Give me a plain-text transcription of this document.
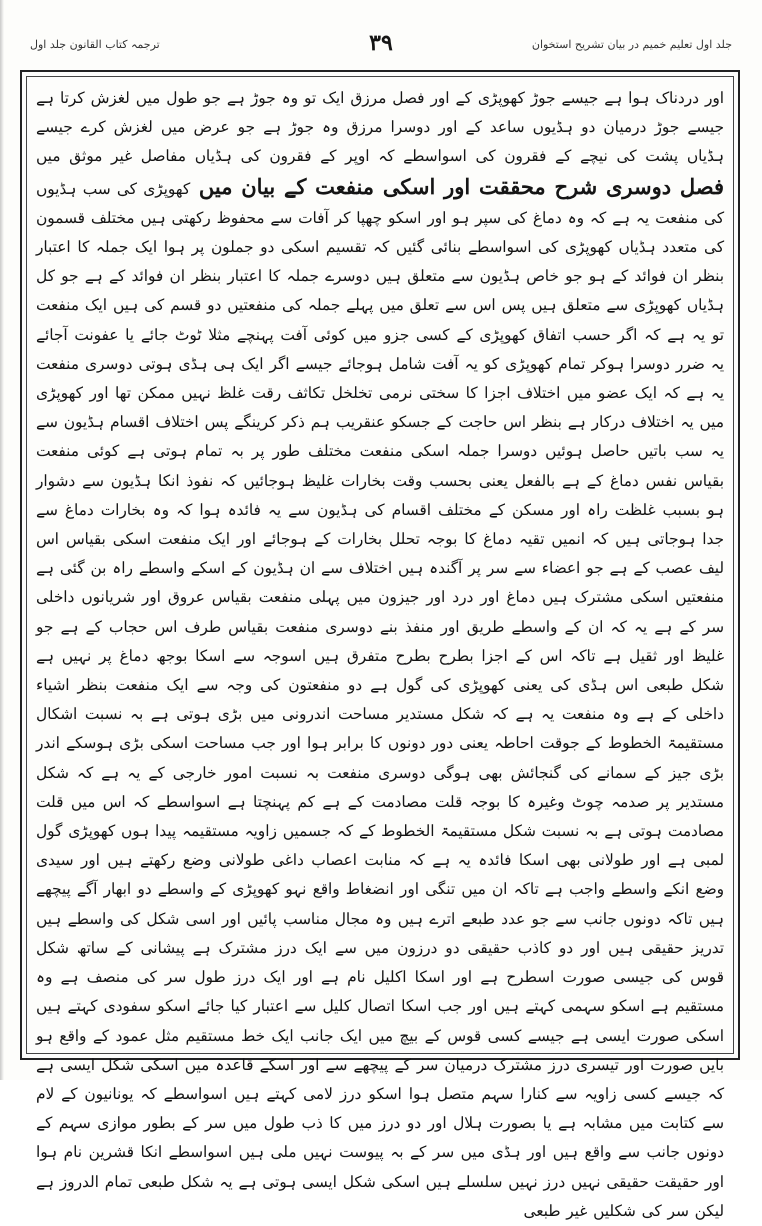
ترجمہ کتاب القانون جلد اول	۳۹	جلد اول تعلیم خمیم در بیان تشریح استخوان

اور دردناک ہوا ہے جیسے جوڑ کھوپڑی کے اور فصل مرزق ایک تو وہ جوڑ ہے جو طول میں لغزش کرتا ہے جیسے جوڑ درمیان دو ہڈیوں ساعد کے اور دوسرا مرزق وہ جوڑ ہے جو عرض میں لغزش کرے جیسے ہڈیاں پشت کی نیچے کے فقرون کی اسواسطے کہ اوپر کے فقرون کی ہڈیاں مفاصل غیر موثق میں فصل دوسری شرح محققت اور اسکی منفعت کے بیان میں کھوپڑی کی سب ہڈیوں کی منفعت یہ ہے کہ وہ دماغ کی سپر ہو اور اسکو چھپا کر آفات سے محفوظ رکھتی ہیں مختلف قسمون کی متعدد ہڈیاں کھوپڑی کی اسواسطے بنائی گئیں کہ تقسیم اسکی دو جملون پر ہوا ایک جملہ کا اعتبار بنظر ان فوائد کے ہو جو خاص ہڈیون سے متعلق ہیں دوسرے جملہ کا اعتبار بنظر ان فوائد کے ہے جو کل ہڈیاں کھوپڑی سے متعلق ہیں پس اس سے تعلق میں پہلے جملہ کی منفعتیں دو قسم کی ہیں ایک منفعت تو یہ ہے کہ اگر حسب اتفاق کھوپڑی کے کسی جزو میں کوئی آفت پہنچے مثلا ٹوٹ جائے یا عفونت آجائے یہ ضرر دوسرا ہوکر تمام کھوپڑی کو یہ آفت شامل ہوجائے جیسے اگر ایک ہی ہڈی ہوتی دوسری منفعت یہ ہے کہ ایک عضو میں اختلاف اجزا کا سختی نرمی تخلخل تکاثف رقت غلظ نہیں ممکن تھا اور کھوپڑی میں یہ اختلاف درکار ہے بنظر اس حاجت کے جسکو عنقریب ہم ذکر کرینگے پس اختلاف اقسام ہڈیون سے یہ سب باتیں حاصل ہوئیں دوسرا جملہ اسکی منفعت مختلف طور پر بہ تمام ہوتی ہے کوئی منفعت بقیاس نفس دماغ کے ہے بالفعل یعنی بحسب وقت بخارات غلیظ ہوجائیں کہ نفوذ انکا ہڈیون سے دشوار ہو بسبب غلظت راہ اور مسکن کے مختلف اقسام کی ہڈیون سے یہ فائدہ ہوا کہ وہ بخارات دماغ سے جدا ہوجاتی ہیں کہ انمیں تقیہ دماغ کا بوجہ تحلل بخارات کے ہوجائے اور ایک منفعت اسکی بقیاس اس لیف عصب کے ہے جو اعضاء سے سر پر آگندہ ہیں اختلاف سے ان ہڈیون کے اسکے واسطے راہ بن گئی ہے منفعتیں اسکی مشترک ہیں دماغ اور درد اور جیزون میں پہلی منفعت بقیاس عروق اور شریانوں داخلی سر کے ہے یہ کہ ان کے واسطے طریق اور منفذ بنے دوسری منفعت بقیاس طرف اس حجاب کے ہے جو غلیظ اور ثقیل ہے تاکہ اس کے اجزا بطرح بطرح متفرق ہیں اسوجہ سے اسکا بوجھ دماغ پر نہیں ہے شکل طبعی اس ہڈی کی یعنی کھوپڑی کی گول ہے دو منفعتون کی وجہ سے ایک منفعت بنظر اشیاء داخلی کے ہے وہ منفعت یہ ہے کہ شکل مستدیر مساحت اندرونی میں بڑی ہوتی ہے بہ نسبت اشکال مستقیمۃ الخطوط کے جوقت احاطہ یعنی دور دونوں کا برابر ہوا اور جب مساحت اسکی بڑی ہوسکے اندر بڑی جیز کے سمانے کی گنجائش بھی ہوگی دوسری منفعت بہ نسبت امور خارجی کے یہ ہے کہ شکل مستدیر پر صدمہ چوٹ وغیرہ کا بوجہ قلت مصادمت کے ہے کم پہنچتا ہے اسواسطے کہ اس میں قلت مصادمت ہوتی ہے بہ نسبت شکل مستقیمۃ الخطوط کے کہ جسمیں زاویہ مستقیمہ پیدا ہوں کھوپڑی گول لمبی ہے اور طولانی بھی اسکا فائدہ یہ ہے کہ منابت اعصاب داغی طولانی وضع رکھتے ہیں اور سیدی وضع انکے واسطے واجب ہے تاکہ ان میں تنگی اور انضغاط واقع نہو کھوپڑی کے واسطے دو ابھار آگے پیچھے ہیں تاکہ دونوں جانب سے جو عدد طبعے اترے ہیں وہ مجال مناسب پائیں اور اسی شکل کی واسطے ہیں تدریز حقیقی ہیں اور دو کاذب حقیقی دو درزون میں سے ایک درز مشترک ہے پیشانی کے ساتھ شکل قوس کی جیسی صورت اسطرح ہے اور اسکا اکلیل نام ہے اور ایک درز طول سر کی منصف ہے وہ مستقیم ہے اسکو سہمی کہتے ہیں اور جب اسکا اتصال کلیل سے اعتبار کیا جائے اسکو سفودی کہتے ہیں اسکی صورت ایسی ہے جیسے کسی قوس کے بیچ میں ایک جانب ایک خط مستقیم مثل عمود کے واقع ہو بایں صورت اور تیسری درز مشترک درمیان سر کے پیچھے سے اور اسکے قاعدہ میں اسکی شکل ایسی ہے کہ جیسے کسی زاویہ سے کنارا سہم متصل ہوا اسکو درز لامی کہتے ہیں اسواسطے کہ یونانیون کے لام سے کتابت میں مشابہ ہے یا بصورت ہلال اور دو درز میں کا ذب طول میں سر کے بطور موازی سہم کے دونوں جانب سے واقع ہیں اور ہڈی میں سر کے بہ پیوست نہیں ملی ہیں اسواسطے انکا قشرین نام ہوا اور حقیقت حقیقی نہیں درز نہیں سلسلے ہیں اسکی شکل ایسی ہوتی ہے یہ شکل طبعی تمام الدروز ہے لیکن سر کی شکلیں غیر طبعی
